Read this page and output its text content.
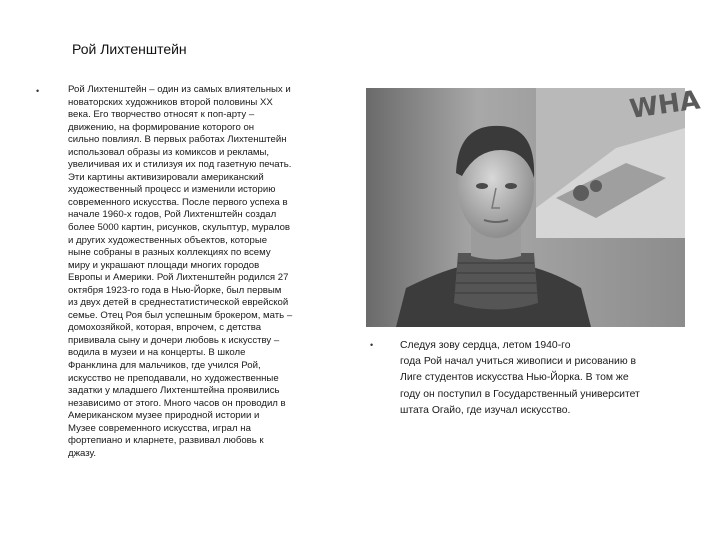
Рой Лихтенштейн
•	Рой Лихтенштейн – один из самых влиятельных и
новаторских художников второй половины XX
века. Его творчество относят к поп-арту –
движению, на формирование которого он
сильно повлиял. В первых работах Лихтенштейн
использовал образы из комиксов и рекламы,
увеличивая их и стилизуя их под газетную печать.
Эти картины активизировали американский
художественный процесс и изменили историю
современного искусства. После первого успеха в
начале 1960-х годов, Рой Лихтенштейн создал
более 5000 картин, рисунков, скульптур, муралов
и других художественных объектов, которые
ныне собраны в разных коллекциях по всему
миру и украшают площади многих городов
Европы и Америки. Рой Лихтенштейн родился 27
октября 1923-го года в Нью-Йорке, был первым
из двух детей в среднестатистической еврейской
семье. Отец Роя был успешным брокером, мать –
домохозяйкой, которая, впрочем, с детства
прививала сыну и дочери любовь к искусству –
водила в музеи и на концерты. В школе
Франклина для мальчиков, где учился Рой,
искусство не преподавали, но художественные
задатки у младшего Лихтенштейна проявились
независимо от этого. Много часов он проводил в
Американском музее природной истории и
Музее современного искусства, играл на
фортепиано и кларнете, развивал любовь к
джазу.

WHA
•	Следуя зову сердца, летом 1940-го
года Рой начал учиться живописи и рисованию в
Лиге студентов искусства Нью-Йорка. В том же
году он поступил в Государственный университет
штата Огайо, где изучал искусство.
